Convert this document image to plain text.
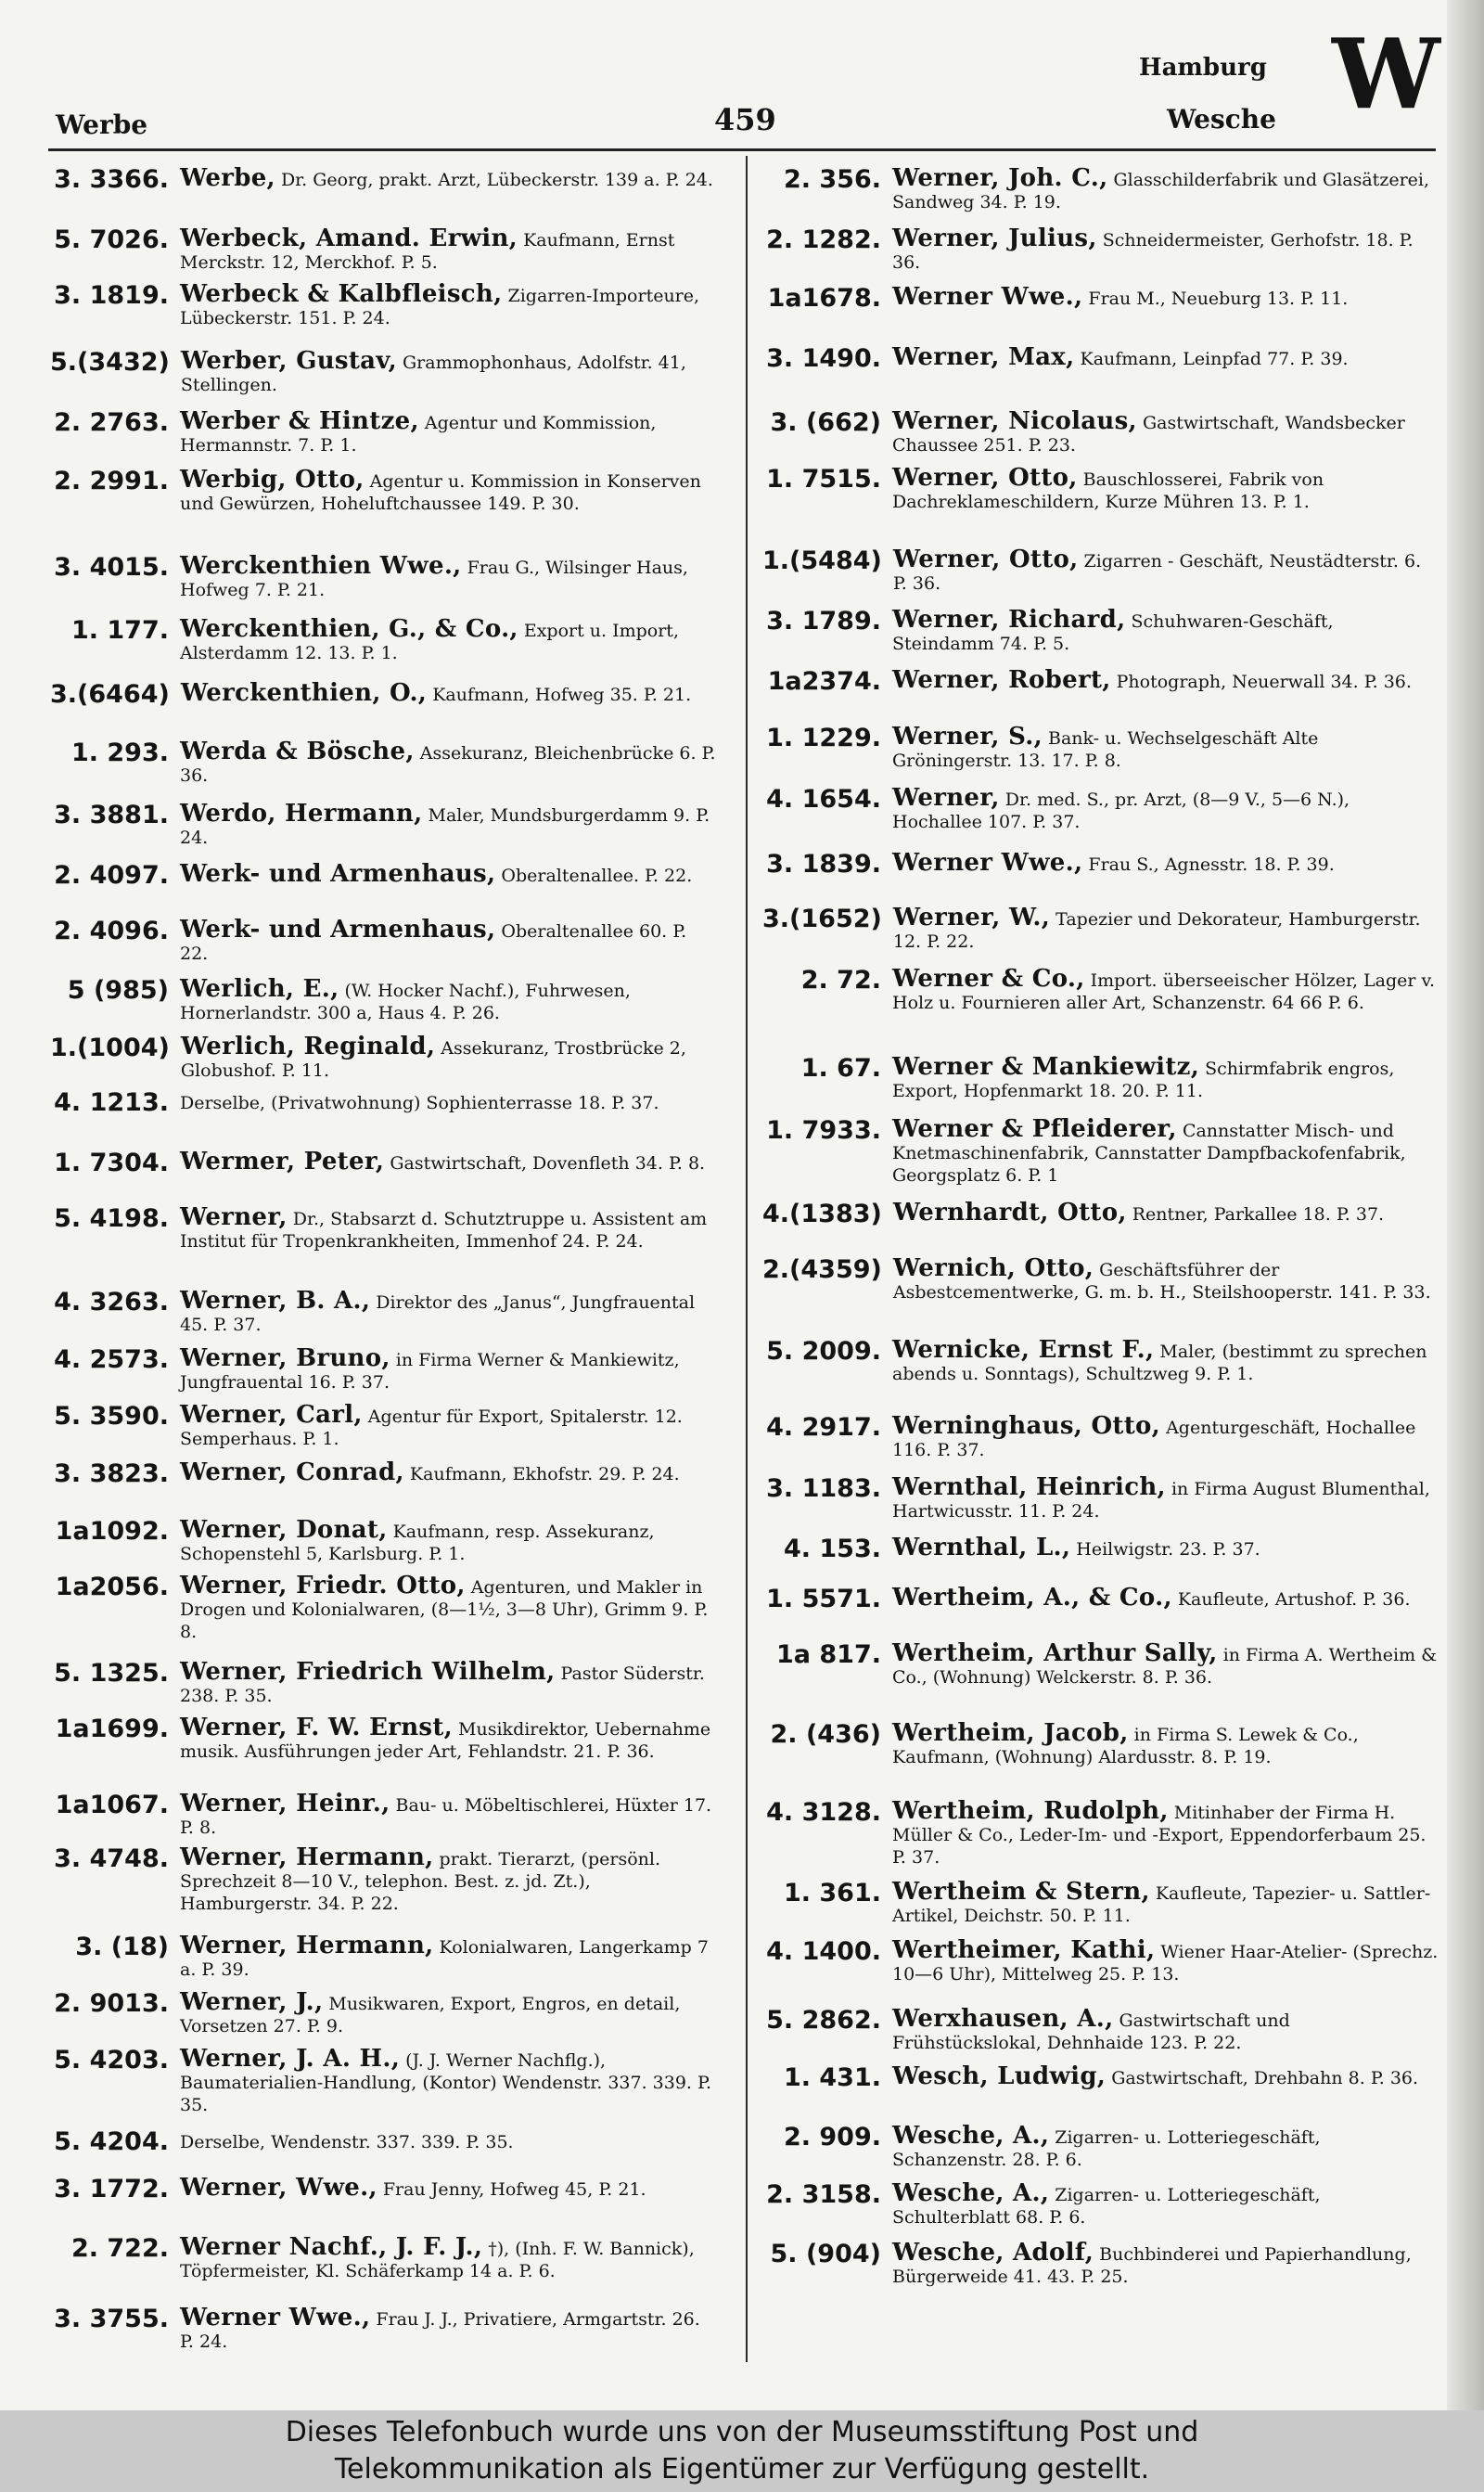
Werbe	459
Hamburg
Wesche W
3. 3366. Werbe, Dr. Georg, prakt. Arzt, Lübeckerstr. 139 a. P. 24.
5. 7026. Werbeck, Amand. Erwin, Kaufmann, Ernst Merckstr. 12, Merckhof. P. 5.
3. 1819. Werbeck & Kalbfleisch, Zigarren-Importeure, Lübeckerstr. 151. P. 24.
5.(3432) Werber, Gustav, Grammophonhaus, Adolfstr. 41, Stellingen.
2. 2763. Werber & Hintze, Agentur und Kommission, Hermannstr. 7. P. 1.
2. 2991. Werbig, Otto, Agentur u. Kommission in Konserven und Gewürzen, Hoheluftchaussee 149. P. 30.
3. 4015. Werckenthien Wwe., Frau G., Wilsinger Haus, Hofweg 7. P. 21.
1. 177. Werckenthien, G., & Co., Export u. Import, Alsterdamm 12. 13. P. 1.
3.(6464) Werckenthien, O., Kaufmann, Hofweg 35. P. 21.
1. 293. Werda & Bösche, Assekuranz, Bleichenbrücke 6. P. 36.
3. 3881. Werdo, Hermann, Maler, Mundsburgerdamm 9. P. 24.
2. 4097. Werk- und Armenhaus, Oberaltenallee. P. 22.
2. 4096. Werk- und Armenhaus, Oberaltenallee 60. P. 22.
5 (985) Werlich, E., (W. Hocker Nachf.), Fuhrwesen, Hornerlandstr. 300 a, Haus 4. P. 26.
1.(1004) Werlich, Reginald, Assekuranz, Trostbrücke 2, Globushof. P. 11.
4. 1213. Derselbe, (Privatwohnung) Sophienterrasse 18. P. 37.
1. 7304. Wermer, Peter, Gastwirtschaft, Dovenfleth 34. P. 8.
5. 4198. Werner, Dr., Stabsarzt d. Schutztruppe u. Assistent am Institut für Tropenkrankheiten, Immenhof 24. P. 24.
4. 3263. Werner, B. A., Direktor des „Janus“, Jungfrauental 45. P. 37.
4. 2573. Werner, Bruno, in Firma Werner & Mankiewitz, Jungfrauental 16. P. 37.
5. 3590. Werner, Carl, Agentur für Export, Spitalerstr. 12. Semperhaus. P. 1.
3. 3823. Werner, Conrad, Kaufmann, Ekhofstr. 29. P. 24.
1a1092. Werner, Donat, Kaufmann, resp. Assekuranz, Schopenstehl 5, Karlsburg. P. 1.
1a2056. Werner, Friedr. Otto, Agenturen, und Makler in Drogen und Kolonialwaren, (8—1½, 3—8 Uhr), Grimm 9. P. 8.
5. 1325. Werner, Friedrich Wilhelm, Pastor Süderstr. 238. P. 35.
1a1699. Werner, F. W. Ernst, Musikdirektor, Uebernahme musik. Ausführungen jeder Art, Fehlandstr. 21. P. 36.
1a1067. Werner, Heinr., Bau- u. Möbeltischlerei, Hüxter 17. P. 8.
3. 4748. Werner, Hermann, prakt. Tierarzt, (persönl. Sprechzeit 8—10 V., telephon. Best. z. jd. Zt.), Hamburgerstr. 34. P. 22.
3. (18) Werner, Hermann, Kolonialwaren, Langerkamp 7 a. P. 39.
2. 9013. Werner, J., Musikwaren, Export, Engros, en detail, Vorsetzen 27. P. 9.
5. 4203. Werner, J. A. H., (J. J. Werner Nachflg.), Baumaterialien-Handlung, (Kontor) Wendenstr. 337. 339. P. 35.
5. 4204. Derselbe, Wendenstr. 337. 339. P. 35.
3. 1772. Werner, Wwe., Frau Jenny, Hofweg 45, P. 21.
2. 722. Werner Nachf., J. F. J., †), (Inh. F. W. Bannick), Töpfermeister, Kl. Schäferkamp 14 a. P. 6.
3. 3755. Werner Wwe., Frau J. J., Privatiere, Armgartstr. 26. P. 24.
2. 356. Werner, Joh. C., Glasschilderfabrik und Glasätzerei, Sandweg 34. P. 19.
2. 1282. Werner, Julius, Schneidermeister, Gerhofstr. 18. P. 36.
1a1678. Werner Wwe., Frau M., Neueburg 13. P. 11.
3. 1490. Werner, Max, Kaufmann, Leinpfad 77. P. 39.
3. (662) Werner, Nicolaus, Gastwirtschaft, Wandsbecker Chaussee 251. P. 23.
1. 7515. Werner, Otto, Bauschlosserei, Fabrik von Dachreklameschildern, Kurze Mühren 13. P. 1.
1.(5484) Werner, Otto, Zigarren - Geschäft, Neustädterstr. 6. P. 36.
3. 1789. Werner, Richard, Schuhwaren-Geschäft, Steindamm 74. P. 5.
1a2374. Werner, Robert, Photograph, Neuerwall 34. P. 36.
1. 1229. Werner, S., Bank- u. Wechselgeschäft Alte Gröningerstr. 13. 17. P. 8.
4. 1654. Werner, Dr. med. S., pr. Arzt, (8—9 V., 5—6 N.), Hochallee 107. P. 37.
3. 1839. Werner Wwe., Frau S., Agnesstr. 18. P. 39.
3.(1652) Werner, W., Tapezier und Dekorateur, Hamburgerstr. 12. P. 22.
2. 72. Werner & Co., Import. überseeischer Hölzer, Lager v. Holz u. Fournieren aller Art, Schanzenstr. 64 66 P. 6.
1. 67. Werner & Mankiewitz, Schirmfabrik engros, Export, Hopfenmarkt 18. 20. P. 11.
1. 7933. Werner & Pfleiderer, Cannstatter Misch- und Knetmaschinenfabrik, Cannstatter Dampfbackofenfabrik, Georgsplatz 6. P. 1
4.(1383) Wernhardt, Otto, Rentner, Parkallee 18. P. 37.
2.(4359) Wernich, Otto, Geschäftsführer der Asbestcementwerke, G. m. b. H., Steilshooperstr. 141. P. 33.
5. 2009. Wernicke, Ernst F., Maler, (bestimmt zu sprechen abends u. Sonntags), Schultzweg 9. P. 1.
4. 2917. Werninghaus, Otto, Agenturgeschäft, Hochallee 116. P. 37.
3. 1183. Wernthal, Heinrich, in Firma August Blumenthal, Hartwicusstr. 11. P. 24.
4. 153. Wernthal, L., Heilwigstr. 23. P. 37.
1. 5571. Wertheim, A., & Co., Kaufleute, Artushof. P. 36.
1a 817. Wertheim, Arthur Sally, in Firma A. Wertheim & Co., (Wohnung) Welckerstr. 8. P. 36.
2. (436) Wertheim, Jacob, in Firma S. Lewek & Co., Kaufmann, (Wohnung) Alardusstr. 8. P. 19.
4. 3128. Wertheim, Rudolph, Mitinhaber der Firma H. Müller & Co., Leder-Im- und -Export, Eppendorferbaum 25. P. 37.
1. 361. Wertheim & Stern, Kaufleute, Tapezier- u. Sattler-Artikel, Deichstr. 50. P. 11.
4. 1400. Wertheimer, Kathi, Wiener Haar-Atelier- (Sprechz. 10—6 Uhr), Mittelweg 25. P. 13.
5. 2862. Werxhausen, A., Gastwirtschaft und Frühstückslokal, Dehnhaide 123. P. 22.
1. 431. Wesch, Ludwig, Gastwirtschaft, Drehbahn 8. P. 36.
2. 909. Wesche, A., Zigarren- u. Lotteriegeschäft, Schanzenstr. 28. P. 6.
2. 3158. Wesche, A., Zigarren- u. Lotteriegeschäft, Schulterblatt 68. P. 6.
5. (904) Wesche, Adolf, Buchbinderei und Papierhandlung, Bürgerweide 41. 43. P. 25.
Dieses Telefonbuch wurde uns von der Museumsstiftung Post und
Telekommunikation als Eigentümer zur Verfügung gestellt.
